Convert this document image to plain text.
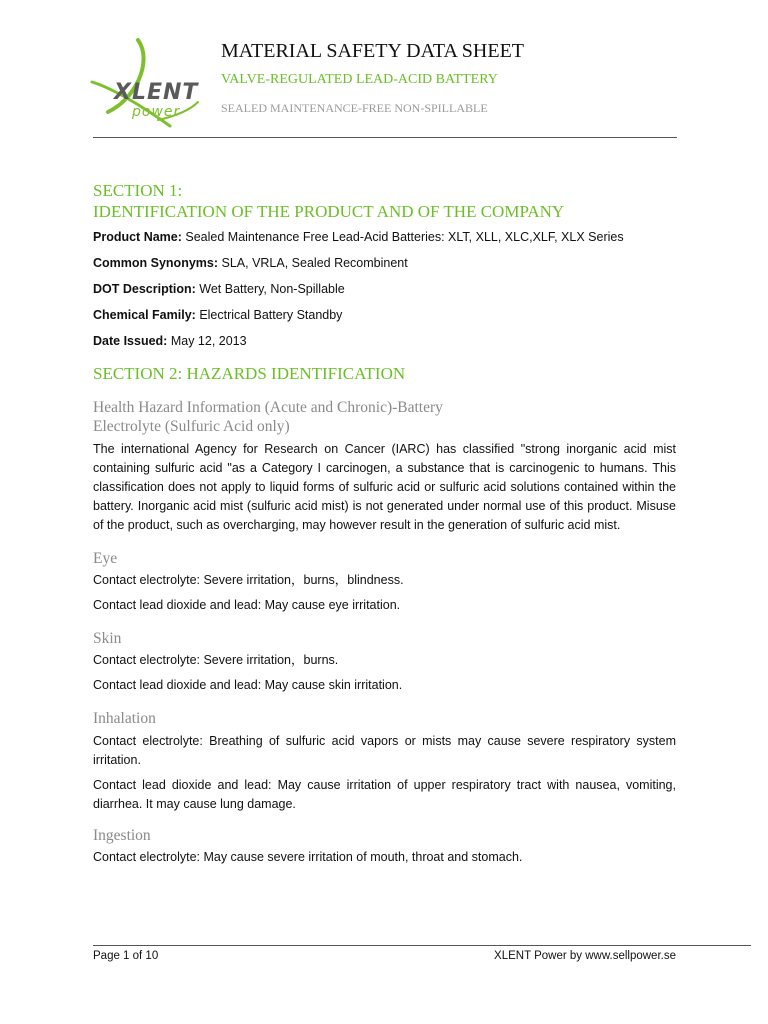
XLENT
power
MATERIAL SAFETY DATA SHEET
VALVE-REGULATED LEAD-ACID BATTERY
SEALED MAINTENANCE-FREE NON-SPILLABLE
SECTION 1:
IDENTIFICATION OF THE PRODUCT AND OF THE COMPANY
Product Name: Sealed Maintenance Free Lead-Acid Batteries: XLT, XLL, XLC,XLF, XLX Series
Common Synonyms: SLA, VRLA, Sealed Recombinent
DOT Description: Wet Battery, Non-Spillable
Chemical Family: Electrical Battery Standby
Date Issued: May 12, 2013
SECTION 2: HAZARDS IDENTIFICATION
Health Hazard Information (Acute and Chronic)-Battery
Electrolyte (Sulfuric Acid only)

The international Agency for Research on Cancer (IARC) has classified "strong inorganic acid mist containing sulfuric acid "as a Category I carcinogen, a substance that is carcinogenic to humans. This classification does not apply to liquid forms of sulfuric acid or sulfuric acid solutions contained within the battery. Inorganic acid mist (sulfuric acid mist) is not generated under normal use of this product. Misuse of the product, such as overcharging, may however result in the generation of sulfuric acid mist.

Eye

Contact electrolyte: Severe irritation，burns，blindness.

Contact lead dioxide and lead: May cause eye irritation.

Skin

Contact electrolyte: Severe irritation，burns.

Contact lead dioxide and lead: May cause skin irritation.

Inhalation

Contact electrolyte: Breathing of sulfuric acid vapors or mists may cause severe respiratory system irritation.

Contact lead dioxide and lead: May cause irritation of upper respiratory tract with nausea, vomiting, diarrhea. It may cause lung damage.

Ingestion

Contact electrolyte: May cause severe irritation of mouth, throat and stomach.

Page 1 of 10	XLENT Power by www.sellpower.se
